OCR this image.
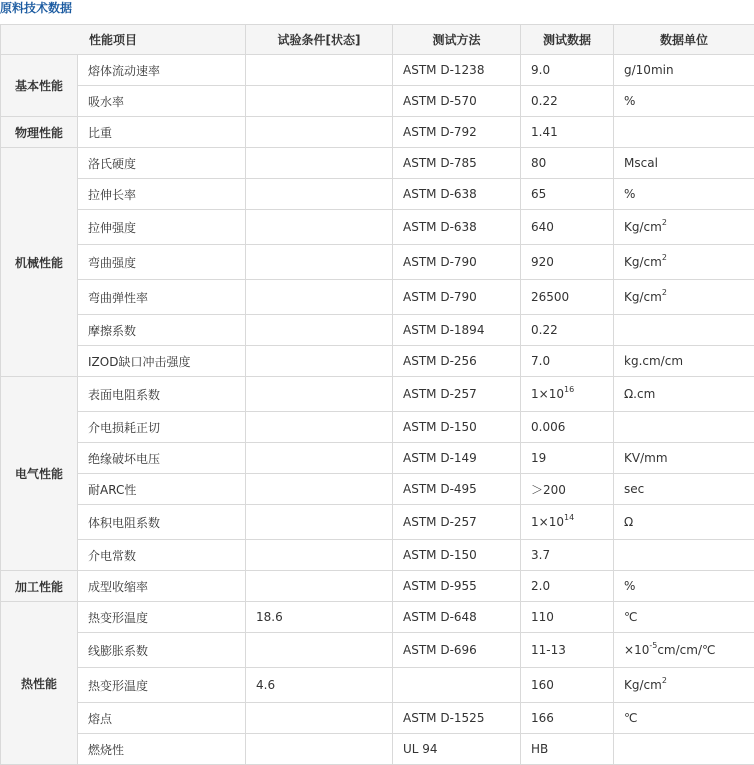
原料技术数据
性能项目		试验条件[状态]	测试方法	测试数据	数据单位
基本性能	熔体流动速率		ASTM D-1238	9.0	g/10min
	吸水率		ASTM D-570	0.22	%
物理性能	比重		ASTM D-792	1.41	
机械性能	洛氏硬度		ASTM D-785	80	Mscal
	拉伸长率		ASTM D-638	65	%
	拉伸强度		ASTM D-638	640	$Kg/cm^2$
	弯曲强度		ASTM D-790	920	$Kg/cm^2$
	弯曲弹性率		ASTM D-790	26500	$Kg/cm^2$
	摩擦系数		ASTM D-1894	0.22	
	IZOD缺口冲击强度		ASTM D-256	7.0	kg.cm/cm
电气性能	表面电阻系数		ASTM D-257	$1\times 10^{16}$	Ω.cm
	介电损耗正切		ASTM D-150	0.006	
	绝缘破坏电压		ASTM D-149	19	KV/mm
	耐ARC性		ASTM D-495	＞200	sec
	体积电阻系数		ASTM D-257	$1\times 10^{14}$	Ω
	介电常数		ASTM D-150	3.7	
加工性能	成型收缩率		ASTM D-955	2.0	%
热性能	热变形温度	18.6	ASTM D-648	110	℃
	线膨胀系数		ASTM D-696	11-13	$\times 10^{-5}cm/cm/℃$
	热变形温度	4.6		160	$Kg/cm^2$
	熔点		ASTM D-1525	166	℃
	燃烧性		UL 94	HB	
